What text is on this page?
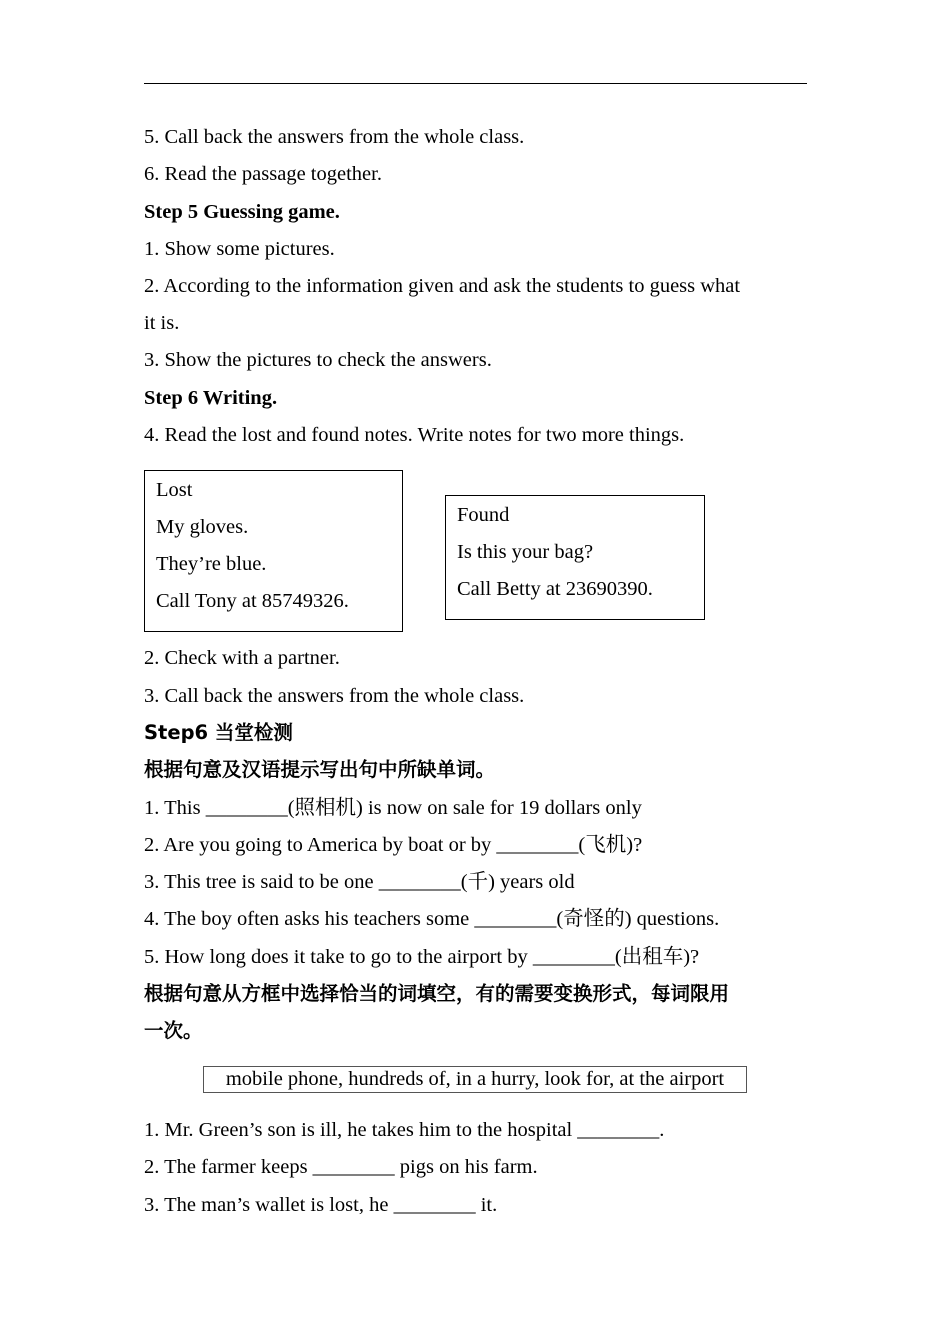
5. Call back the answers from the whole class.
6. Read the passage together.
Step 5 Guessing game.
1. Show some pictures.
2. According to the information given and ask the students to guess what
it is.
3. Show the pictures to check the answers.
Step 6 Writing.
4. Read the lost and found notes. Write notes for two more things.
Lost
My gloves.
They’re blue.
Call Tony at 85749326.
Found
Is this your bag?
Call Betty at 23690390.
2. Check with a partner.
3. Call back the answers from the whole class.
Step6 当堂检测
根据句意及汉语提示写出句中所缺单词。
1. This ________(照相机) is now on sale for 19 dollars only
2. Are you going to America by boat or by ________(飞机)?
3. This tree is said to be one ________(千) years old
4. The boy often asks his teachers some ________(奇怪的) questions.
5. How long does it take to go to the airport by ________(出租车)?
根据句意从方框中选择恰当的词填空，有的需要变换形式，每词限用
一次。
mobile phone, hundreds of, in a hurry, look for, at the airport
1. Mr. Green’s son is ill, he takes him to the hospital ________.
2. The farmer keeps ________ pigs on his farm.
3. The man’s wallet is lost, he ________ it.
